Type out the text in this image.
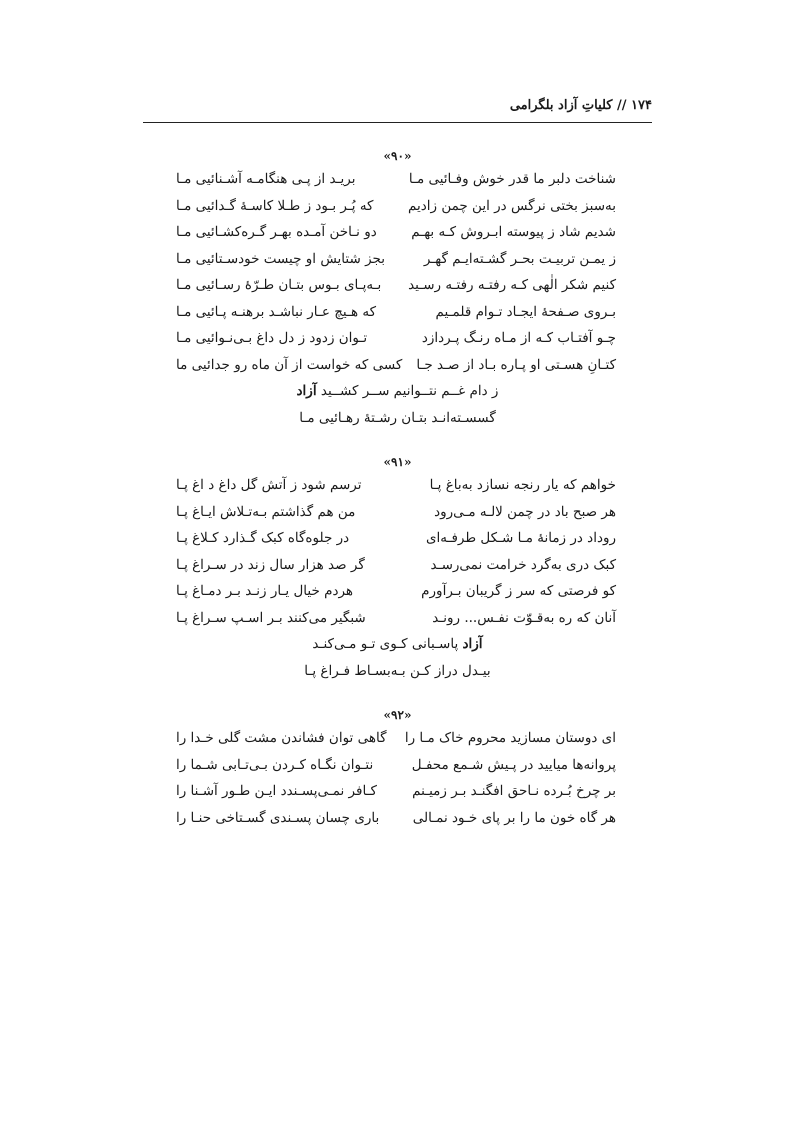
۱۷۴ // کلیاتِ آزاد بلگرامی
«۹۰»
شناخت دلبر ما قدر خوش وفـائیی مـا
بریـد از پـی هنگامـه آشـنائیی مـا
به‌سبز بختی نرگس در این چمن زادیم
که پُـر بـود ز طـلا کاسـهٔ گـدائیی مـا
شدیم شاد ز پیوسته ابـروش کـه بهـم
دو نـاخن آمـده بهـر گـره‌کشـائیی مـا
ز یمـن تربیـت بحـر گشـته‌ایـم گهـر
بجز شتایش او چیست خودسـتائیی مـا
کنیم شکر الٰهی کـه رفتـه رفتـه رسـید
بـه‌پـای بـوس بتـان طـرّهٔ رسـائیی مـا
بـروی صـفحهٔ ایجـاد تـوام قلمـیم
که هـیچ عـار نباشـد برهنـه پـائیی مـا
چـو آفتـاب کـه از مـاه رنـگ پـردازد
تـوان زدود ز دل داغ بـی‌نـوائیی مـا
کتـانِ هسـتی او پـاره بـاد از صـد جـا
کسی که خواست از آن ماه رو جدائیی ما
ز دام غــم نتــوانیم ســر کشــید آزاد
گسسـته‌انـد بتـان رشـتهٔ رهـائیی مـا
«۹۱»
خواهم که یار رنجه نسازد به‌باغ پـا
ترسم شود ز آتش گل داغ د اغ پـا
هر صبح باد در چمن لالـه مـی‌رود
من هم گذاشتم بـه‌تـلاش ایـاغ پـا
روداد در زمانهٔ مـا شـکل طرفـه‌ای
در جلوه‌گاه کبک گـذارد کـلاغ پـا
کبک دری به‌گرد خرامت نمی‌رسـد
گر صد هزار سال زند در سـراغ پـا
کو فرصتی که سر ز گریبان بـرآورم
هردم خیال یـار زنـد بـر دمـاغ پـا
آنان که ره به‌قـوّت نفـس... رونـد
شبگیر می‌کنند بـر اسـپ سـراغ پـا
آزاد پاسـبانی کـوی تـو مـی‌کنـد
بیـدل دراز کـن بـه‌بسـاط فـراغ پـا
«۹۲»
ای دوستان مسازید محروم خاک مـا را
گاهی توان فشاندن مشت گلی خـدا را
پروانه‌ها میایید در پـیش شـمع محفـل
نتـوان نگـاه کـردن بـی‌تـابی شـما را
بر چرخ بُـرده نـاحق افگنـد بـر زمیـنم
کـافر نمـی‌پسـندد ایـن طـور آشـنا را
هر گاه خون ما را بر پای خـود نمـالی
باری چسان پسـندی گسـتاخی حنـا را
